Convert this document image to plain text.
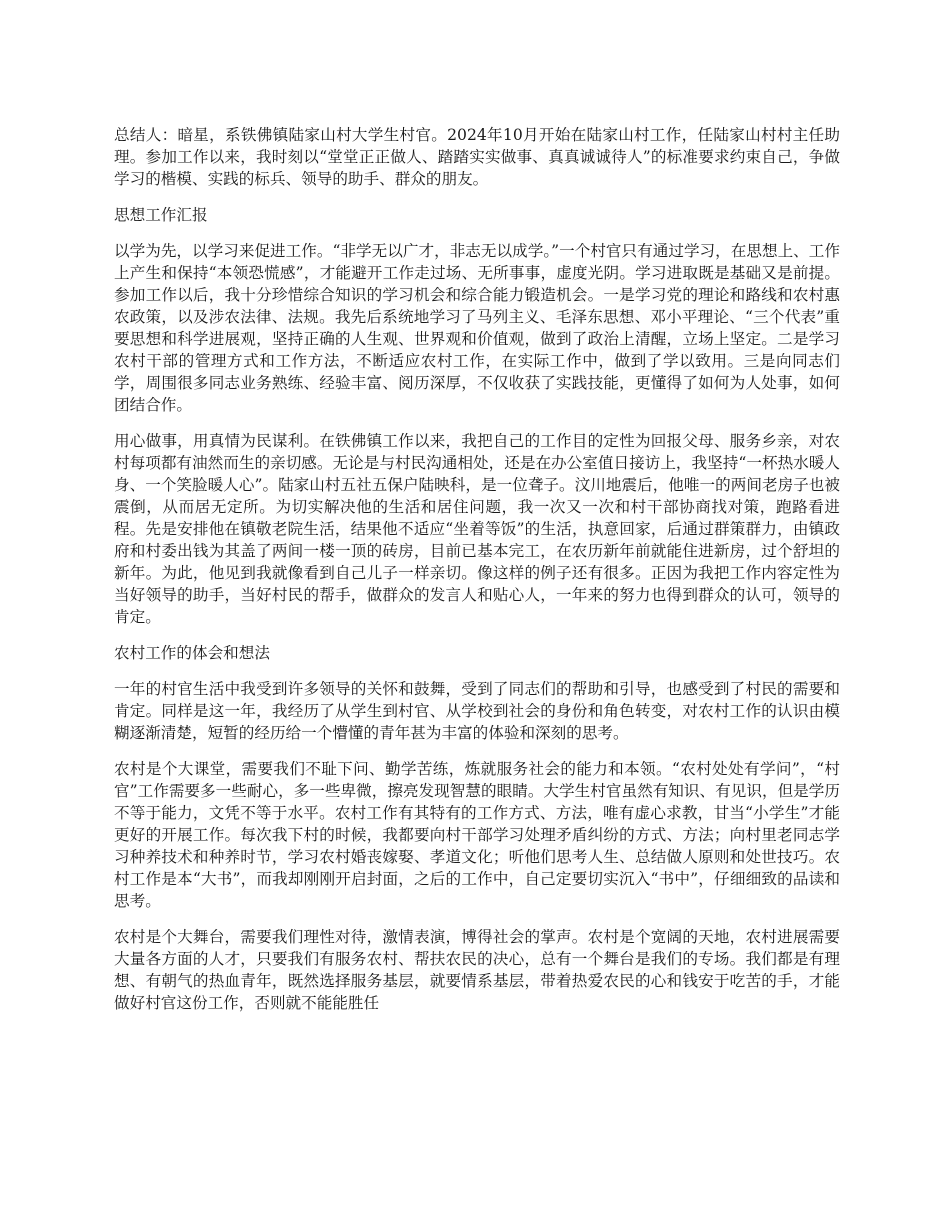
总结人：暗星，系铁佛镇陆家山村大学生村官。2024年10月开始在陆家山村工作，任陆家山村村主任助理。参加工作以来，我时刻以“堂堂正正做人、踏踏实实做事、真真诚诚待人”的标准要求约束自己，争做学习的楷模、实践的标兵、领导的助手、群众的朋友。

思想工作汇报

以学为先，以学习来促进工作。“非学无以广才，非志无以成学。”一个村官只有通过学习，在思想上、工作上产生和保持“本领恐慌感”，才能避开工作走过场、无所事事，虚度光阴。学习进取既是基础又是前提。参加工作以后，我十分珍惜综合知识的学习机会和综合能力锻造机会。一是学习党的理论和路线和农村惠农政策，以及涉农法律、法规。我先后系统地学习了马列主义、毛泽东思想、邓小平理论、“三个代表”重要思想和科学进展观，坚持正确的人生观、世界观和价值观，做到了政治上清醒，立场上坚定。二是学习农村干部的管理方式和工作方法，不断适应农村工作，在实际工作中，做到了学以致用。三是向同志们学，周围很多同志业务熟练、经验丰富、阅历深厚，不仅收获了实践技能，更懂得了如何为人处事，如何团结合作。

用心做事，用真情为民谋利。在铁佛镇工作以来，我把自己的工作目的定性为回报父母、服务乡亲，对农村每项都有油然而生的亲切感。无论是与村民沟通相处，还是在办公室值日接访上，我坚持“一杯热水暖人身、一个笑脸暖人心”。陆家山村五社五保户陆映科，是一位聋子。汶川地震后，他唯一的两间老房子也被震倒，从而居无定所。为切实解决他的生活和居住问题，我一次又一次和村干部协商找对策，跑路看进程。先是安排他在镇敬老院生活，结果他不适应“坐着等饭”的生活，执意回家，后通过群策群力，由镇政府和村委出钱为其盖了两间一楼一顶的砖房，目前已基本完工，在农历新年前就能住进新房，过个舒坦的新年。为此，他见到我就像看到自己儿子一样亲切。像这样的例子还有很多。正因为我把工作内容定性为当好领导的助手，当好村民的帮手，做群众的发言人和贴心人，一年来的努力也得到群众的认可，领导的肯定。

农村工作的体会和想法

一年的村官生活中我受到许多领导的关怀和鼓舞，受到了同志们的帮助和引导，也感受到了村民的需要和肯定。同样是这一年，我经历了从学生到村官、从学校到社会的身份和角色转变，对农村工作的认识由模糊逐渐清楚，短暂的经历给一个懵懂的青年甚为丰富的体验和深刻的思考。

农村是个大课堂，需要我们不耻下问、勤学苦练，炼就服务社会的能力和本领。“农村处处有学问”，“村官”工作需要多一些耐心，多一些卑微，擦亮发现智慧的眼睛。大学生村官虽然有知识、有见识，但是学历不等于能力，文凭不等于水平。农村工作有其特有的工作方式、方法，唯有虚心求教，甘当“小学生”才能更好的开展工作。每次我下村的时候，我都要向村干部学习处理矛盾纠纷的方式、方法；向村里老同志学习种养技术和种养时节，学习农村婚丧嫁娶、孝道文化；听他们思考人生、总结做人原则和处世技巧。农村工作是本“大书”，而我却刚刚开启封面，之后的工作中，自己定要切实沉入“书中”，仔细细致的品读和思考。

农村是个大舞台，需要我们理性对待，激情表演，博得社会的掌声。农村是个宽阔的天地，农村进展需要大量各方面的人才，只要我们有服务农村、帮扶农民的决心，总有一个舞台是我们的专场。我们都是有理想、有朝气的热血青年，既然选择服务基层，就要情系基层，带着热爱农民的心和钱安于吃苦的手，才能做好村官这份工作，否则就不能能胜任
